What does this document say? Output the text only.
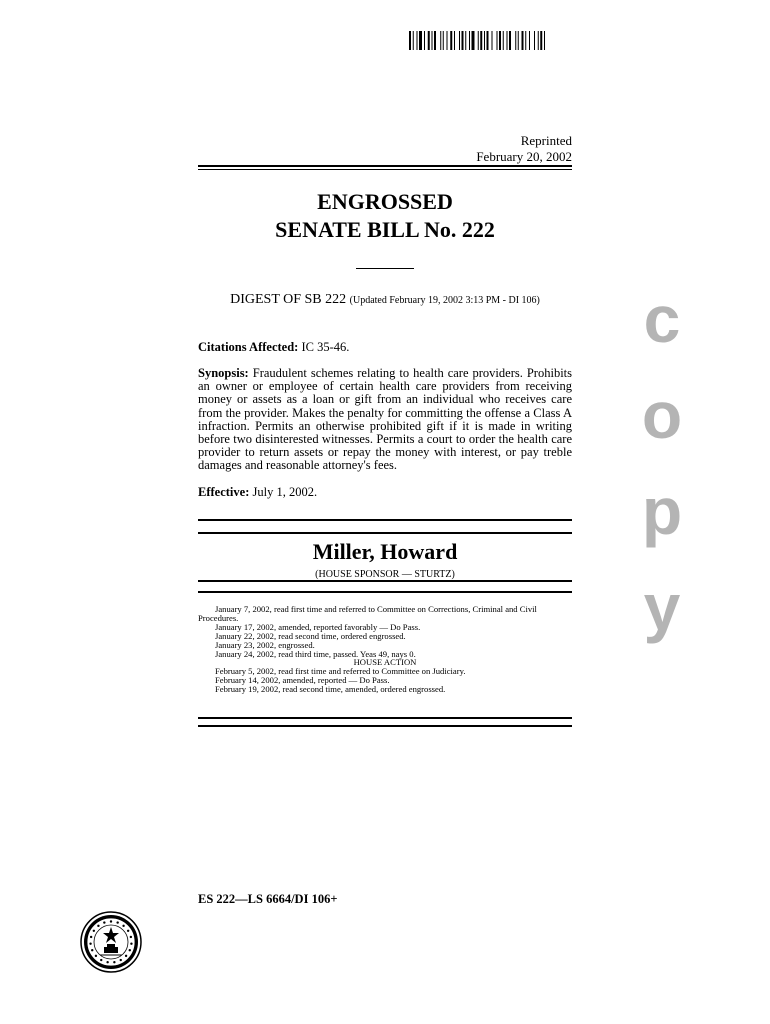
Reprinted
February 20, 2002
ENGROSSED
SENATE BILL No. 222
DIGEST OF SB 222 (Updated February 19, 2002 3:13 PM - DI 106)
Citations Affected: IC 35-46.
Synopsis: Fraudulent schemes relating to health care providers. Prohibits an owner or employee of certain health care providers from receiving money or assets as a loan or gift from an individual who receives care from the provider. Makes the penalty for committing the offense a Class A infraction. Permits an otherwise prohibited gift if it is made in writing before two disinterested witnesses. Permits a court to order the health care provider to return assets or repay the money with interest, or pay treble damages and reasonable attorney's fees.
Effective: July 1, 2002.
Miller, Howard
(HOUSE SPONSOR — STURTZ)
January 7, 2002, read first time and referred to Committee on Corrections, Criminal and Civil Procedures.
January 17, 2002, amended, reported favorably — Do Pass.
January 22, 2002, read second time, ordered engrossed.
January 23, 2002, engrossed.
January 24, 2002, read third time, passed. Yeas 49, nays 0.
HOUSE ACTION
February 5, 2002, read first time and referred to Committee on Judiciary.
February 14, 2002, amended, reported — Do Pass.
February 19, 2002, read second time, amended, ordered engrossed.
c
o
p
y
ES 222—LS 6664/DI 106+
